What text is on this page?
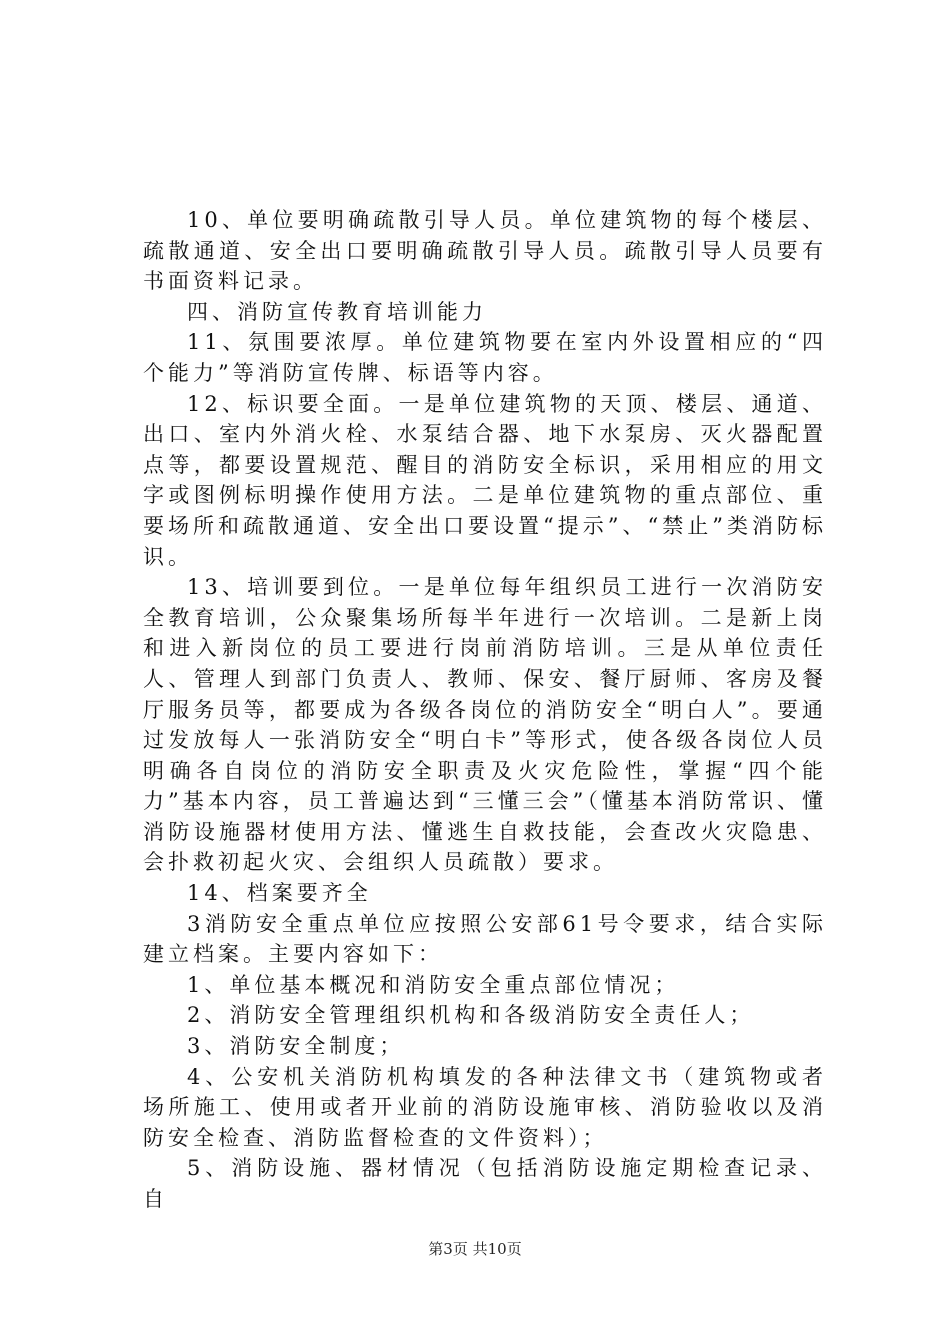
10、单位要明确疏散引导人员。单位建筑物的每个楼层、疏散通道、安全出口要明确疏散引导人员。疏散引导人员要有书面资料记录。

四、消防宣传教育培训能力

11、氛围要浓厚。单位建筑物要在室内外设置相应的“四个能力”等消防宣传牌、标语等内容。

12、标识要全面。一是单位建筑物的天顶、楼层、通道、出口、室内外消火栓、水泵结合器、地下水泵房、灭火器配置点等，都要设置规范、醒目的消防安全标识，采用相应的用文字或图例标明操作使用方法。二是单位建筑物的重点部位、重要场所和疏散通道、安全出口要设置“提示”、“禁止”类消防标识。

13、培训要到位。一是单位每年组织员工进行一次消防安全教育培训，公众聚集场所每半年进行一次培训。二是新上岗和进入新岗位的员工要进行岗前消防培训。三是从单位责任人、管理人到部门负责人、教师、保安、餐厅厨师、客房及餐厅服务员等，都要成为各级各岗位的消防安全“明白人”。要通过发放每人一张消防安全“明白卡”等形式，使各级各岗位人员明确各自岗位的消防安全职责及火灾危险性，掌握“四个能力”基本内容，员工普遍达到“三懂三会”（懂基本消防常识、懂消防设施器材使用方法、懂逃生自救技能，会查改火灾隐患、会扑救初起火灾、会组织人员疏散）要求。

14、档案要齐全

3消防安全重点单位应按照公安部61号令要求，结合实际建立档案。主要内容如下：

1、单位基本概况和消防安全重点部位情况；

2、消防安全管理组织机构和各级消防安全责任人；

3、消防安全制度；

4、公安机关消防机构填发的各种法律文书（建筑物或者场所施工、使用或者开业前的消防设施审核、消防验收以及消防安全检查、消防监督检查的文件资料）；

5、消防设施、器材情况（包括消防设施定期检查记录、自

第3页 共10页
